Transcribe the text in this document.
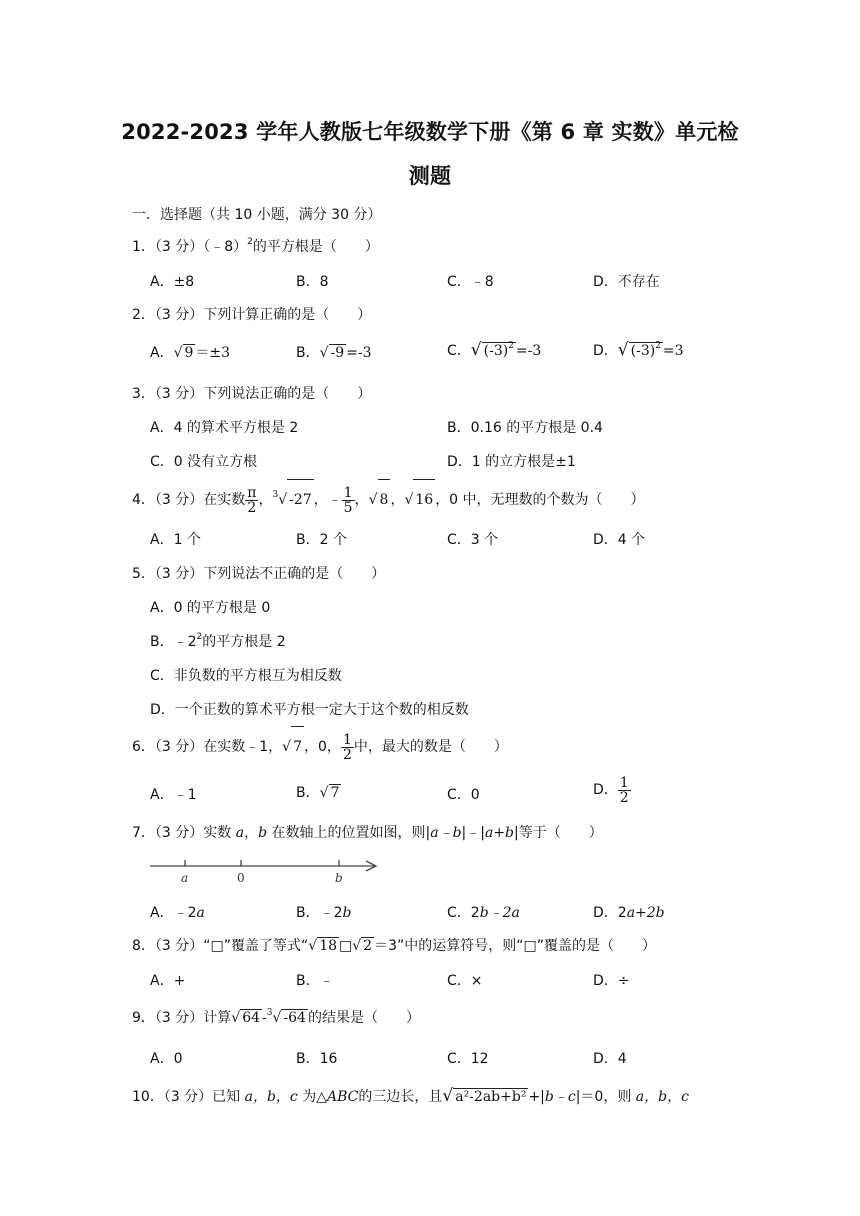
2022-2023 学年人教版七年级数学下册《第 6 章 实数》单元检
测题
一．选择题（共 10 小题，满分 30 分）
1．（3 分）（﹣8）$^2$的平方根是（　　）
A．±8	B．8	C．﹣8	D．不存在
2．（3 分）下列计算正确的是（　　）
A．√ 9 ＝±3	B．√ -9 =-3	C．√ $(-3)^2 =-3$	D．√ $(-3)^2 =3$
3．（3 分）下列说法正确的是（　　）
A．4 的算术平方根是 2	B．0.16 的平方根是 0.4
C．0 没有立方根	D．1 的立方根是±1
4．（3 分）在实数 $\frac{\pi}{2}$ ，$^3$√ -27 ，﹣ $\frac{1}{5}$ ，√ 8 ，√ 16 ，0 中，无理数的个数为（　　）
A．1 个	B．2 个	C．3 个	D．4 个
5．（3 分）下列说法不正确的是（　　）
A．0 的平方根是 0
B．$﹣2^2$的平方根是 2
C．非负数的平方根互为相反数
D．一个正数的算术平方根一定大于这个数的相反数
6．（3 分）在实数﹣1，√ 7 ，0， $\frac{1}{2}$ 中，最大的数是（　　）
A．﹣1	B．√ 7	C．0	D． $\frac{1}{2}$
7．（3 分）实数 a，b 在数轴上的位置如图，则|a﹣b|﹣|a+b|等于（　　）
a	0	b
A．﹣2a	B．﹣2b	C．2b﹣2a	D．2a+2b
8．（3 分）“□”覆盖了等式“√ 18 □√ 2 ＝3”中的运算符号，则“□”覆盖的是（　　）
A．+	B．﹣	C．×	D．÷
9．（3 分）计算√ 64 -$^3$√ -64 的结果是（　　）
A．0	B．16	C．12	D．4
10．（3 分）已知 a，b，c 为△ABC的三边长，且√ a²-2ab+b² +|b﹣c|＝0，则 a，b，c
